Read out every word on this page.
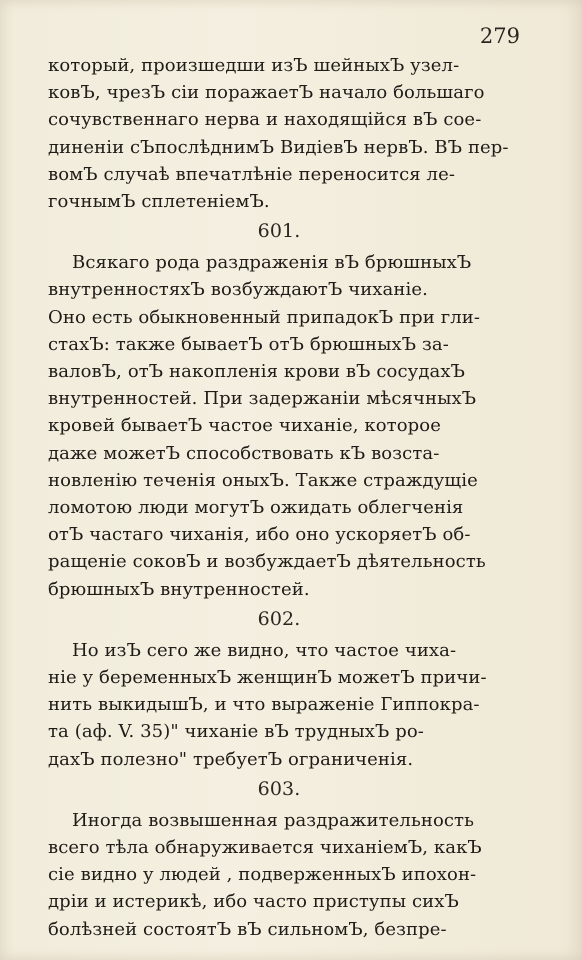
279

который, произшедши изЪ шейныхЪ узел-
ковЪ, чрезЪ сіи поражаетЪ начало большаго
сочувственнаго нерва и находящійся вЪ сое-
диненіи сЪпослѣднимЪ ВидіевЪ нервЪ. ВЪ пер-
вомЪ случаѣ впечатлѣніе переносится ле-
гочнымЪ сплетеніемЪ.

601.

Всякаго рода раздраженія вЪ брюшныхЪ
внутренностяхЪ возбуждаютЪ чиханіе.
Оно есть обыкновенный припадокЪ при гли-
стахЪ: также бываетЪ отЪ брюшныхЪ за-
валовЪ, отЪ накопленія крови вЪ сосудахЪ
внутренностей. При задержаніи мѣсячныхЪ
кровей бываетЪ частое чиханіе, которое
даже можетЪ способствовать кЪ возста-
новленію теченія оныхЪ. Также страждущіе
ломотою люди могутЪ ожидать облегченія
отЪ частаго чиханія, ибо оно ускоряетЪ об-
ращеніе соковЪ и возбуждаетЪ дѣятельность
брюшныхЪ внутренностей.

602.

Но изЪ сего же видно, что частое чиха-
ніе у беременныхЪ женщинЪ можетЪ причи-
нить выкидышЪ, и что выраженіе Гиппокра-
та (аф. V. 35)" чиханіе вЪ трудныхЪ ро-
дахЪ полезно" требуетЪ ограниченія.

603.

Иногда возвышенная раздражительность
всего тѣла обнаруживается чиханіемЪ, какЪ
сіе видно у людей , подверженныхЪ ипохон-
дріи и истерикѣ, ибо часто приступы сихЪ
болѣзней состоятЪ вЪ сильномЪ, безпре-
